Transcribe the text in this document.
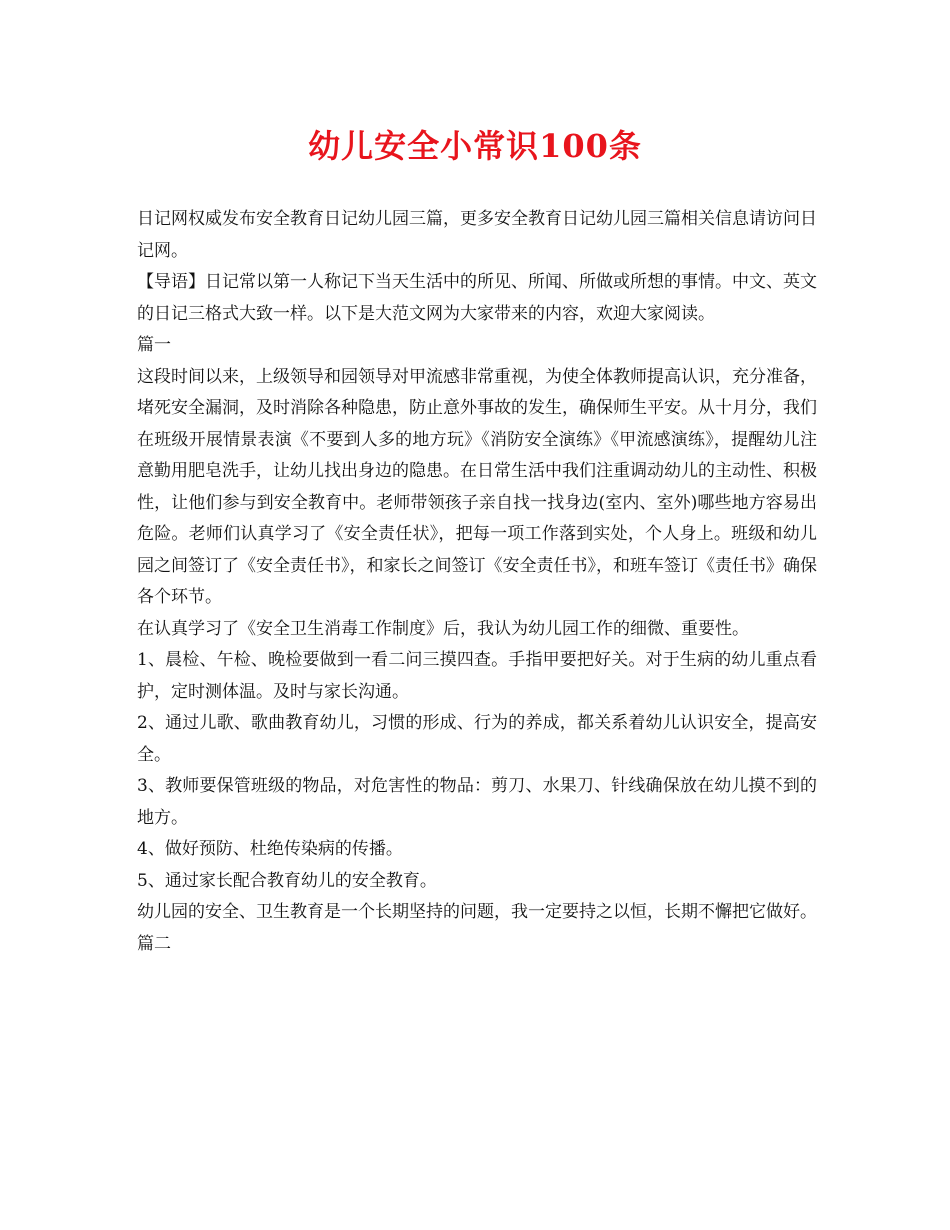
幼儿安全小常识100条

日记网权威发布安全教育日记幼儿园三篇，更多安全教育日记幼儿园三篇相关信息请访问日记网。

【导语】日记常以第一人称记下当天生活中的所见、所闻、所做或所想的事情。中文、英文的日记三格式大致一样。以下是大范文网为大家带来的内容，欢迎大家阅读。

篇一

这段时间以来，上级领导和园领导对甲流感非常重视，为使全体教师提高认识，充分准备，堵死安全漏洞，及时消除各种隐患，防止意外事故的发生，确保师生平安。从十月分，我们在班级开展情景表演《不要到人多的地方玩》《消防安全演练》《甲流感演练》，提醒幼儿注意勤用肥皂洗手，让幼儿找出身边的隐患。在日常生活中我们注重调动幼儿的主动性、积极性，让他们参与到安全教育中。老师带领孩子亲自找一找身边(室内、室外)哪些地方容易出危险。老师们认真学习了《安全责任状》，把每一项工作落到实处，个人身上。班级和幼儿园之间签订了《安全责任书》，和家长之间签订《安全责任书》，和班车签订《责任书》确保各个环节。

在认真学习了《安全卫生消毒工作制度》后，我认为幼儿园工作的细微、重要性。

1、晨检、午检、晚检要做到一看二问三摸四查。手指甲要把好关。对于生病的幼儿重点看护，定时测体温。及时与家长沟通。

2、通过儿歌、歌曲教育幼儿，习惯的形成、行为的养成，都关系着幼儿认识安全，提高安全。

3、教师要保管班级的物品，对危害性的物品：剪刀、水果刀、针线确保放在幼儿摸不到的地方。

4、做好预防、杜绝传染病的传播。

5、通过家长配合教育幼儿的安全教育。

幼儿园的安全、卫生教育是一个长期坚持的问题，我一定要持之以恒，长期不懈把它做好。

篇二
